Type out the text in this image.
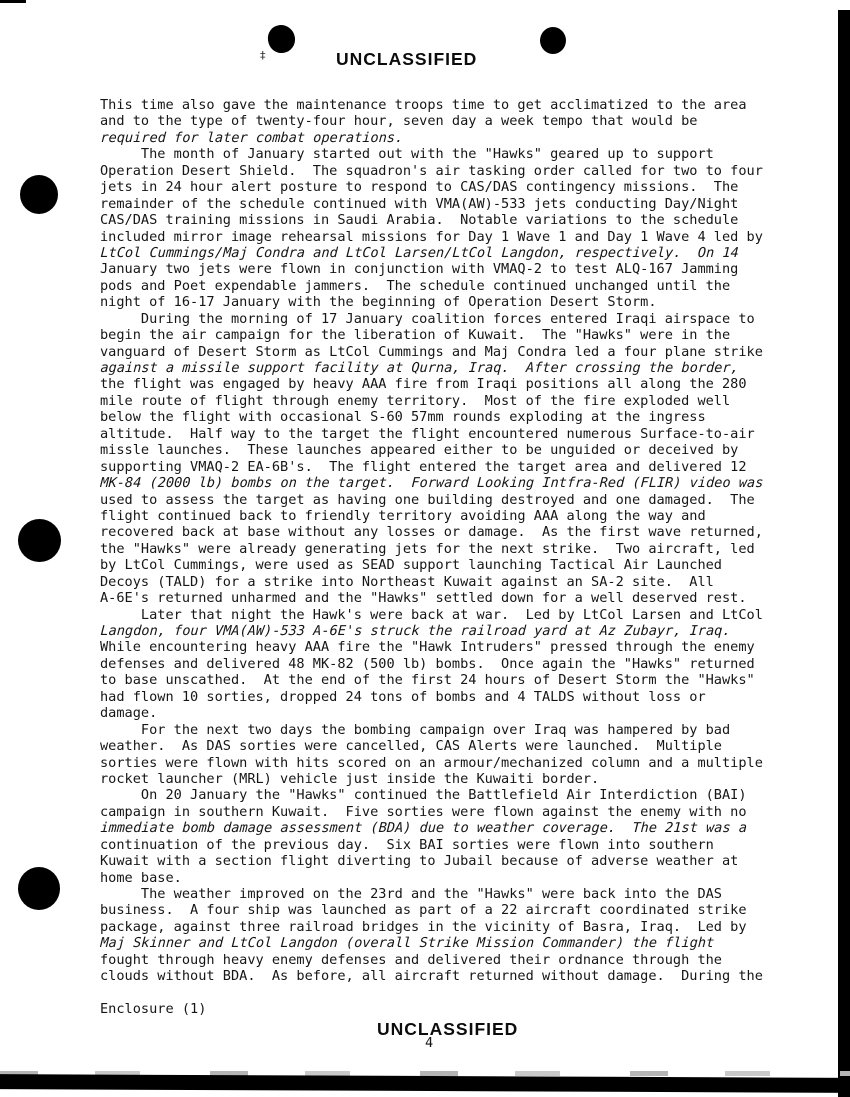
‡	UNCLASSIFIED
This time also gave the maintenance troops time to get acclimatized to the area
and to the type of twenty-four hour, seven day a week tempo that would be
required for later combat operations.
The month of January started out with the "Hawks" geared up to support
Operation Desert Shield.  The squadron's air tasking order called for two to four
jets in 24 hour alert posture to respond to CAS/DAS contingency missions.  The
remainder of the schedule continued with VMA(AW)-533 jets conducting Day/Night
CAS/DAS training missions in Saudi Arabia.  Notable variations to the schedule
included mirror image rehearsal missions for Day 1 Wave 1 and Day 1 Wave 4 led by
LtCol Cummings/Maj Condra and LtCol Larsen/LtCol Langdon, respectively.  On 14
January two jets were flown in conjunction with VMAQ-2 to test ALQ-167 Jamming
pods and Poet expendable jammers.  The schedule continued unchanged until the
night of 16-17 January with the beginning of Operation Desert Storm.
During the morning of 17 January coalition forces entered Iraqi airspace to
begin the air campaign for the liberation of Kuwait.  The "Hawks" were in the
vanguard of Desert Storm as LtCol Cummings and Maj Condra led a four plane strike
against a missile support facility at Qurna, Iraq.  After crossing the border,
the flight was engaged by heavy AAA fire from Iraqi positions all along the 280
mile route of flight through enemy territory.  Most of the fire exploded well
below the flight with occasional S-60 57mm rounds exploding at the ingress
altitude.  Half way to the target the flight encountered numerous Surface-to-air
missle launches.  These launches appeared either to be unguided or deceived by
supporting VMAQ-2 EA-6B's.  The flight entered the target area and delivered 12
MK-84 (2000 lb) bombs on the target.  Forward Looking Intfra-Red (FLIR) video was
used to assess the target as having one building destroyed and one damaged.  The
flight continued back to friendly territory avoiding AAA along the way and
recovered back at base without any losses or damage.  As the first wave returned,
the "Hawks" were already generating jets for the next strike.  Two aircraft, led
by LtCol Cummings, were used as SEAD support launching Tactical Air Launched
Decoys (TALD) for a strike into Northeast Kuwait against an SA-2 site.  All
A-6E's returned unharmed and the "Hawks" settled down for a well deserved rest.
Later that night the Hawk's were back at war.  Led by LtCol Larsen and LtCol
Langdon, four VMA(AW)-533 A-6E's struck the railroad yard at Az Zubayr, Iraq.
While encountering heavy AAA fire the "Hawk Intruders" pressed through the enemy
defenses and delivered 48 MK-82 (500 lb) bombs.  Once again the "Hawks" returned
to base unscathed.  At the end of the first 24 hours of Desert Storm the "Hawks"
had flown 10 sorties, dropped 24 tons of bombs and 4 TALDS without loss or
damage.
For the next two days the bombing campaign over Iraq was hampered by bad
weather.  As DAS sorties were cancelled, CAS Alerts were launched.  Multiple
sorties were flown with hits scored on an armour/mechanized column and a multiple
rocket launcher (MRL) vehicle just inside the Kuwaiti border.
On 20 January the "Hawks" continued the Battlefield Air Interdiction (BAI)
campaign in southern Kuwait.  Five sorties were flown against the enemy with no
immediate bomb damage assessment (BDA) due to weather coverage.  The 21st was a
continuation of the previous day.  Six BAI sorties were flown into southern
Kuwait with a section flight diverting to Jubail because of adverse weather at
home base.
The weather improved on the 23rd and the "Hawks" were back into the DAS
business.  A four ship was launched as part of a 22 aircraft coordinated strike
package, against three railroad bridges in the vicinity of Basra, Iraq.  Led by
Maj Skinner and LtCol Langdon (overall Strike Mission Commander) the flight
fought through heavy enemy defenses and delivered their ordnance through the
clouds without BDA.  As before, all aircraft returned without damage.  During the
Enclosure (1)
UNCLASSIFIED
4
